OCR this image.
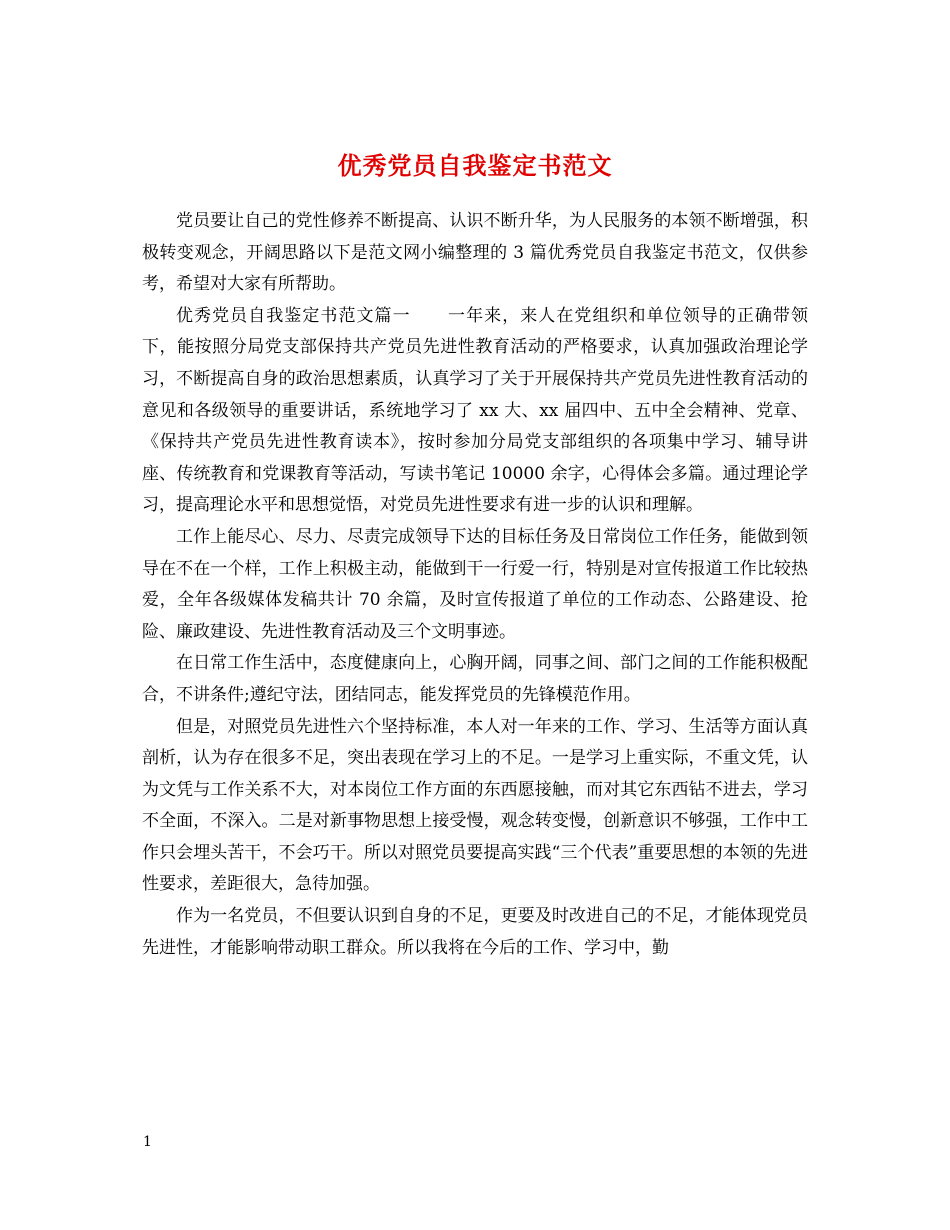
优秀党员自我鉴定书范文

党员要让自己的党性修养不断提高、认识不断升华，为人民服务的本领不断增强，积极转变观念，开阔思路以下是范文网小编整理的 3 篇优秀党员自我鉴定书范文，仅供参考，希望对大家有所帮助。

优秀党员自我鉴定书范文篇一 一年来，来人在党组织和单位领导的正确带领下，能按照分局党支部保持共产党员先进性教育活动的严格要求，认真加强政治理论学习，不断提高自身的政治思想素质，认真学习了关于开展保持共产党员先进性教育活动的意见和各级领导的重要讲话，系统地学习了 xx 大、xx 届四中、五中全会精神、党章、《保持共产党员先进性教育读本》，按时参加分局党支部组织的各项集中学习、辅导讲座、传统教育和党课教育等活动，写读书笔记 10000 余字，心得体会多篇。通过理论学习，提高理论水平和思想觉悟，对党员先进性要求有进一步的认识和理解。

工作上能尽心、尽力、尽责完成领导下达的目标任务及日常岗位工作任务，能做到领导在不在一个样，工作上积极主动，能做到干一行爱一行，特别是对宣传报道工作比较热爱，全年各级媒体发稿共计 70 余篇，及时宣传报道了单位的工作动态、公路建设、抢险、廉政建设、先进性教育活动及三个文明事迹。

在日常工作生活中，态度健康向上，心胸开阔，同事之间、部门之间的工作能积极配合，不讲条件;遵纪守法，团结同志，能发挥党员的先锋模范作用。

但是，对照党员先进性六个坚持标准，本人对一年来的工作、学习、生活等方面认真剖析，认为存在很多不足，突出表现在学习上的不足。一是学习上重实际，不重文凭，认为文凭与工作关系不大，对本岗位工作方面的东西愿接触，而对其它东西钻不进去，学习不全面，不深入。二是对新事物思想上接受慢，观念转变慢，创新意识不够强，工作中工作只会埋头苦干，不会巧干。所以对照党员要提高实践“三个代表”重要思想的本领的先进性要求，差距很大，急待加强。

作为一名党员，不但要认识到自身的不足，更要及时改进自己的不足，才能体现党员先进性，才能影响带动职工群众。所以我将在今后的工作、学习中，勤

1
